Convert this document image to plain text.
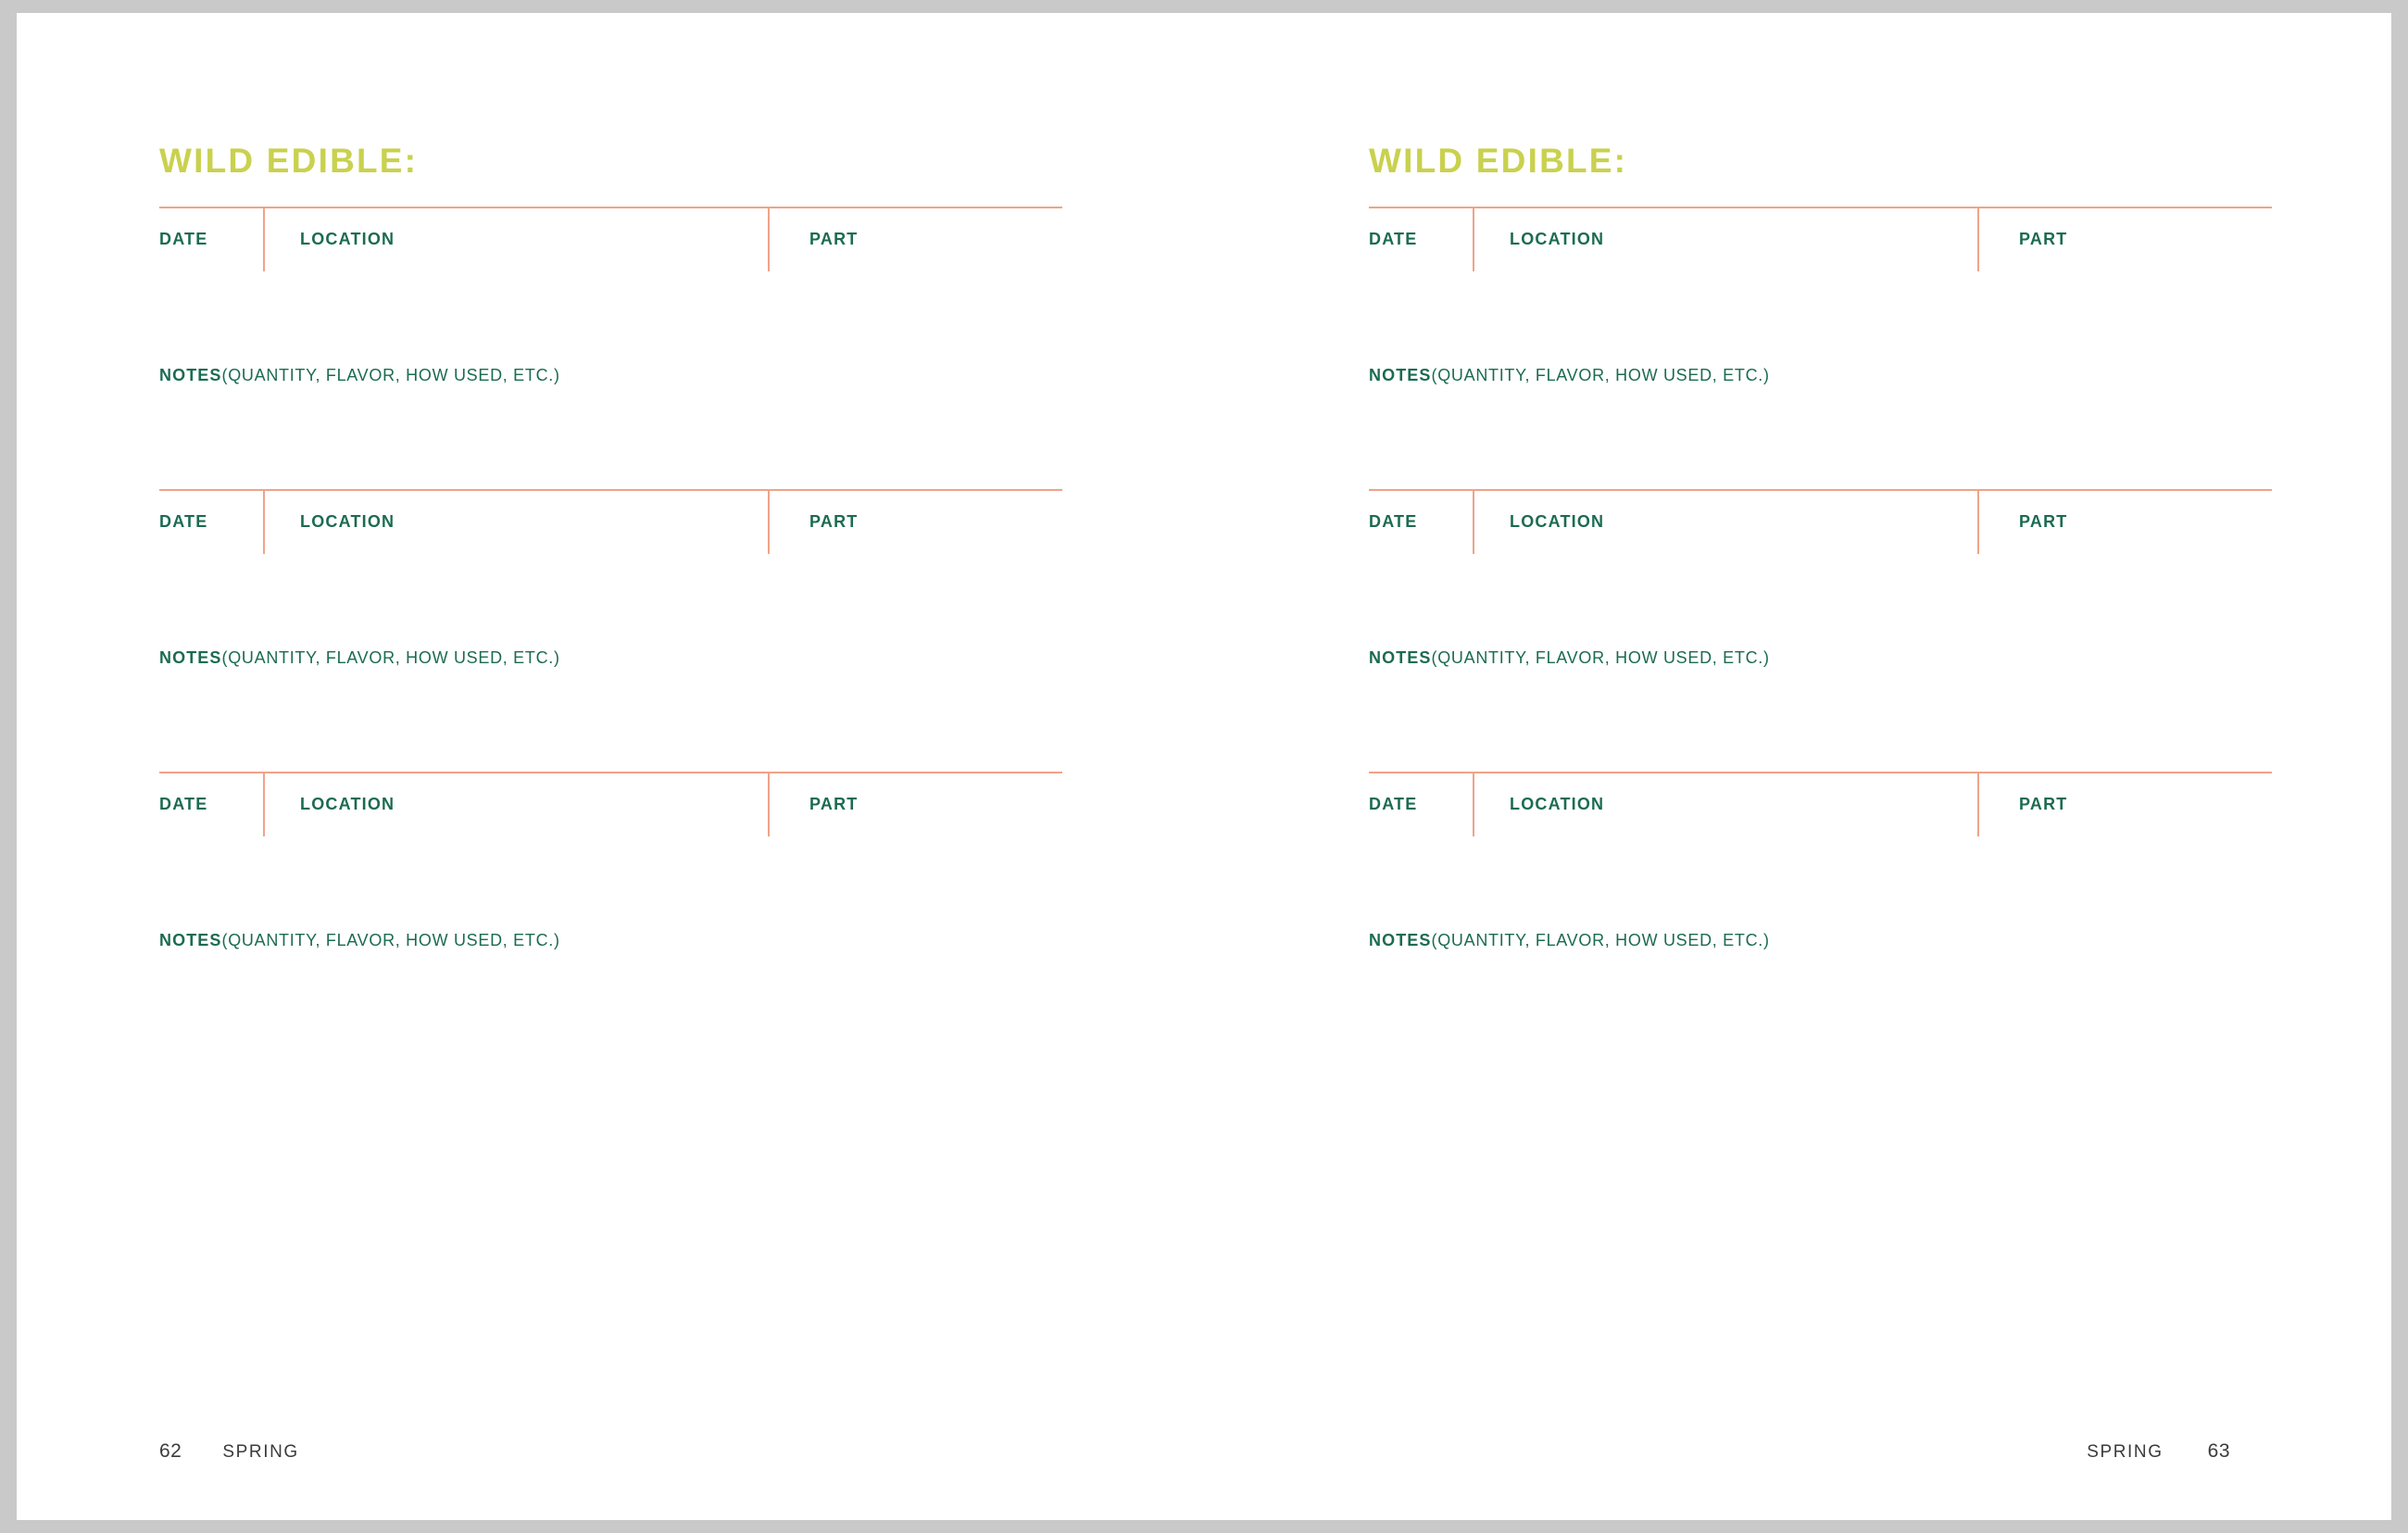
WILD EDIBLE:
DATE	LOCATION	PART
NOTES(QUANTITY, FLAVOR, HOW USED, ETC.)
DATE	LOCATION	PART
NOTES(QUANTITY, FLAVOR, HOW USED, ETC.)
DATE	LOCATION	PART
NOTES(QUANTITY, FLAVOR, HOW USED, ETC.)
62 SPRING
WILD EDIBLE:
DATE	LOCATION	PART
NOTES(QUANTITY, FLAVOR, HOW USED, ETC.)
DATE	LOCATION	PART
NOTES(QUANTITY, FLAVOR, HOW USED, ETC.)
DATE	LOCATION	PART
NOTES(QUANTITY, FLAVOR, HOW USED, ETC.)
SPRING 63
